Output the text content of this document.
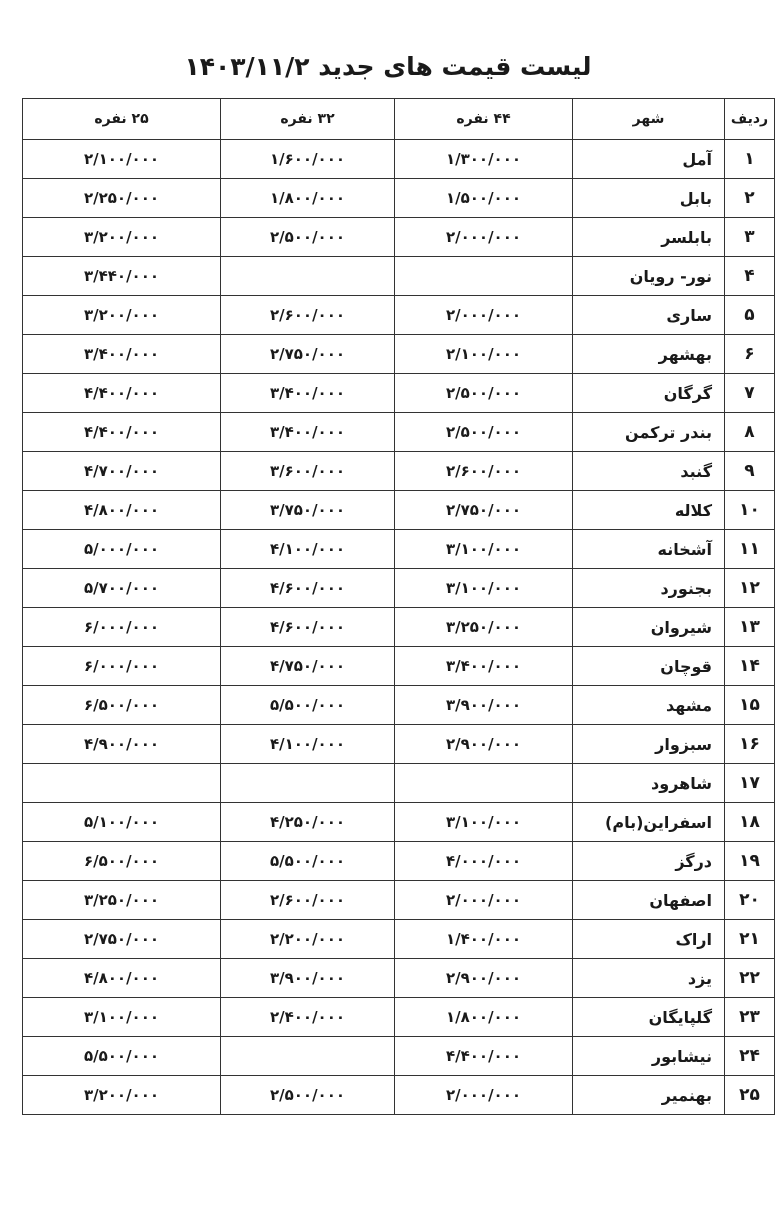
لیست قیمت های جدید ۱۴۰۳/۱۱/۲
ردیف	شهر	۴۴ نفره	۳۲ نفره	۲۵ نفره
۱	آمل	۱/۳۰۰/۰۰۰	۱/۶۰۰/۰۰۰	۲/۱۰۰/۰۰۰
۲	بابل	۱/۵۰۰/۰۰۰	۱/۸۰۰/۰۰۰	۲/۲۵۰/۰۰۰
۳	بابلسر	۲/۰۰۰/۰۰۰	۲/۵۰۰/۰۰۰	۳/۲۰۰/۰۰۰
۴	نور- رویان			۳/۴۴۰/۰۰۰
۵	ساری	۲/۰۰۰/۰۰۰	۲/۶۰۰/۰۰۰	۳/۲۰۰/۰۰۰
۶	بهشهر	۲/۱۰۰/۰۰۰	۲/۷۵۰/۰۰۰	۳/۴۰۰/۰۰۰
۷	گرگان	۲/۵۰۰/۰۰۰	۳/۴۰۰/۰۰۰	۴/۴۰۰/۰۰۰
۸	بندر ترکمن	۲/۵۰۰/۰۰۰	۳/۴۰۰/۰۰۰	۴/۴۰۰/۰۰۰
۹	گنبد	۲/۶۰۰/۰۰۰	۳/۶۰۰/۰۰۰	۴/۷۰۰/۰۰۰
۱۰	کلاله	۲/۷۵۰/۰۰۰	۳/۷۵۰/۰۰۰	۴/۸۰۰/۰۰۰
۱۱	آشخانه	۳/۱۰۰/۰۰۰	۴/۱۰۰/۰۰۰	۵/۰۰۰/۰۰۰
۱۲	بجنورد	۳/۱۰۰/۰۰۰	۴/۶۰۰/۰۰۰	۵/۷۰۰/۰۰۰
۱۳	شیروان	۳/۲۵۰/۰۰۰	۴/۶۰۰/۰۰۰	۶/۰۰۰/۰۰۰
۱۴	قوچان	۳/۴۰۰/۰۰۰	۴/۷۵۰/۰۰۰	۶/۰۰۰/۰۰۰
۱۵	مشهد	۳/۹۰۰/۰۰۰	۵/۵۰۰/۰۰۰	۶/۵۰۰/۰۰۰
۱۶	سبزوار	۲/۹۰۰/۰۰۰	۴/۱۰۰/۰۰۰	۴/۹۰۰/۰۰۰
۱۷	شاهرود			
۱۸	اسفراین(بام)	۳/۱۰۰/۰۰۰	۴/۲۵۰/۰۰۰	۵/۱۰۰/۰۰۰
۱۹	درگز	۴/۰۰۰/۰۰۰	۵/۵۰۰/۰۰۰	۶/۵۰۰/۰۰۰
۲۰	اصفهان	۲/۰۰۰/۰۰۰	۲/۶۰۰/۰۰۰	۳/۲۵۰/۰۰۰
۲۱	اراک	۱/۴۰۰/۰۰۰	۲/۲۰۰/۰۰۰	۲/۷۵۰/۰۰۰
۲۲	یزد	۲/۹۰۰/۰۰۰	۳/۹۰۰/۰۰۰	۴/۸۰۰/۰۰۰
۲۳	گلپایگان	۱/۸۰۰/۰۰۰	۲/۴۰۰/۰۰۰	۳/۱۰۰/۰۰۰
۲۴	نیشابور	۴/۴۰۰/۰۰۰		۵/۵۰۰/۰۰۰
۲۵	بهنمیر	۲/۰۰۰/۰۰۰	۲/۵۰۰/۰۰۰	۳/۲۰۰/۰۰۰
